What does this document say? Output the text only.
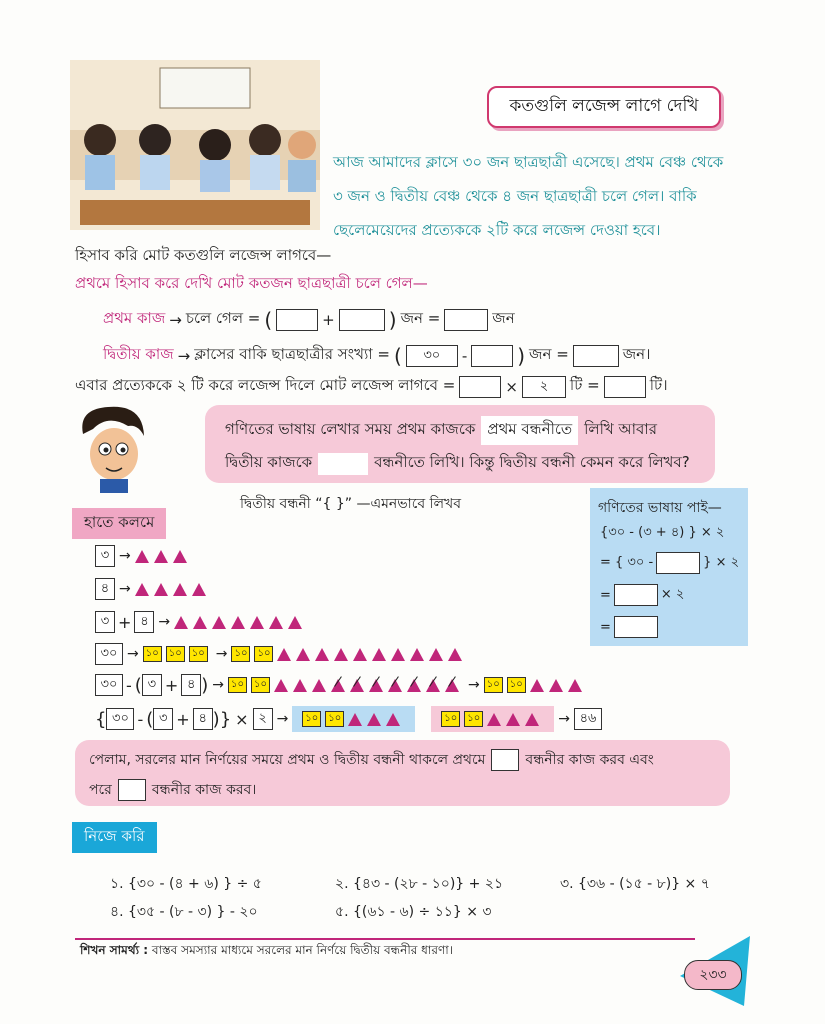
কতগুলি লজেন্স লাগে দেখি
আজ আমাদের ক্লাসে ৩০ জন ছাত্রছাত্রী এসেছে। প্রথম বেঞ্চ থেকে ৩ জন ও দ্বিতীয় বেঞ্চ থেকে ৪ জন ছাত্রছাত্রী চলে গেল। বাকি ছেলেমেয়েদের প্রত্যেককে ২টি করে লজেন্স দেওয়া হবে।
হিসাব করি মোট কতগুলি লজেন্স লাগবে—
প্রথমে হিসাব করে দেখি মোট কতজন ছাত্রছাত্রী চলে গেল—
প্রথম কাজ → চলে গেল = (	+	) জন =	জন
দ্বিতীয় কাজ → ক্লাসের বাকি ছাত্রছাত্রীর সংখ্যা = (	৩০	-	) জন =	জন।
এবার প্রত্যেককে ২ টি করে লজেন্স দিলে মোট লজেন্স লাগবে =	×	২	টি =	টি।
গণিতের ভাষায় লেখার সময় প্রথম কাজকে প্রথম বন্ধনীতে লিখি আবার
দ্বিতীয় কাজকে	বন্ধনীতে লিখি। কিন্তু দ্বিতীয় বন্ধনী কেমন করে লিখব?
দ্বিতীয় বন্ধনী “{ }” —এমনভাবে লিখব	গণিতের ভাষায় পাই—
{৩০ - (৩ + ৪) } × ২
= { ৩০ -	} × ২
=	× ২
=
হাতে কলমে
৩ →
৪ →
৩ + ৪ →
৩০ → ১০	১০	১০ → ১০	১০
৩০ - ( ৩ + ৪ ) → ১০	১০	→ ১০	১০
{ ৩০ - ( ৩ + ৪ ) } × ২ →	১০	১০	১০	১০	→ ৪৬
পেলাম, সরলের মান নির্ণয়ের সময়ে প্রথম ও দ্বিতীয় বন্ধনী থাকলে প্রথমে	বন্ধনীর কাজ করব এবং
পরে	বন্ধনীর কাজ করব।
নিজে করি
১. {৩০ - (৪ + ৬) } ÷ ৫	২. {৪৩ - (২৮ - ১০)} + ২১	৩. {৩৬ - (১৫ - ৮)} × ৭
৪. {৩৫ - (৮ - ৩) } - ২০	৫. {(৬১ - ৬) ÷ ১১} × ৩
শিখন সামর্থ্য : বাস্তব সমস্যার মাধ্যমে সরলের মান নির্ণয়ে দ্বিতীয় বন্ধনীর ধারণা।
২৩৩
